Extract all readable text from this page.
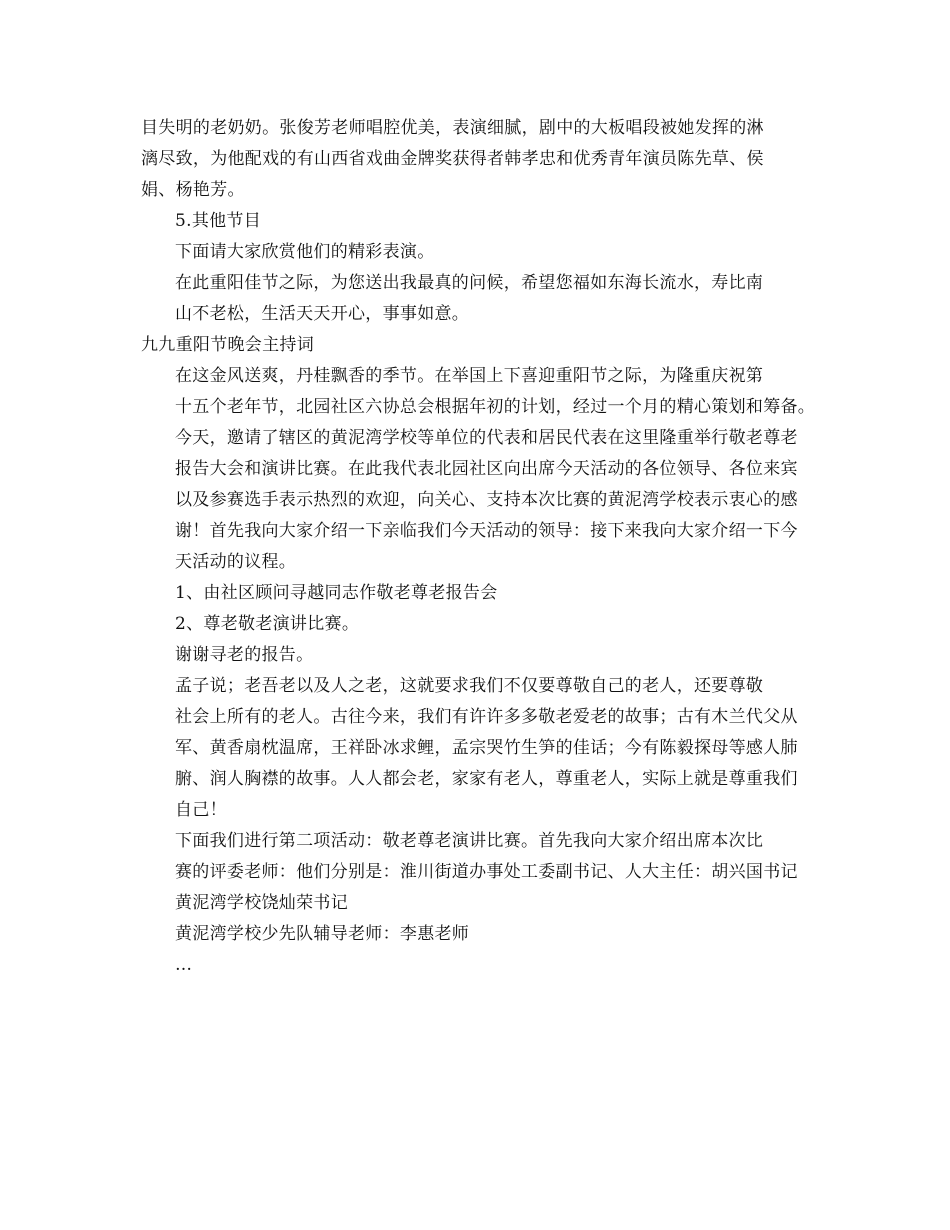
目失明的老奶奶。张俊芳老师唱腔优美，表演细腻，剧中的大板唱段被她发挥的淋
漓尽致，为他配戏的有山西省戏曲金牌奖获得者韩孝忠和优秀青年演员陈先草、侯
娟、杨艳芳。
5.其他节目
下面请大家欣赏他们的精彩表演。
在此重阳佳节之际，为您送出我最真的问候，希望您福如东海长流水，寿比南
山不老松，生活天天开心，事事如意。
九九重阳节晚会主持词
在这金风送爽，丹桂飘香的季节。在举国上下喜迎重阳节之际，为隆重庆祝第
十五个老年节，北园社区六协总会根据年初的计划，经过一个月的精心策划和筹备。
今天，邀请了辖区的黄泥湾学校等单位的代表和居民代表在这里隆重举行敬老尊老
报告大会和演讲比赛。在此我代表北园社区向出席今天活动的各位领导、各位来宾
以及参赛选手表示热烈的欢迎，向关心、支持本次比赛的黄泥湾学校表示衷心的感
谢！首先我向大家介绍一下亲临我们今天活动的领导：接下来我向大家介绍一下今
天活动的议程。
1、由社区顾问寻越同志作敬老尊老报告会
2、尊老敬老演讲比赛。
谢谢寻老的报告。
孟子说；老吾老以及人之老，这就要求我们不仅要尊敬自己的老人，还要尊敬
社会上所有的老人。古往今来，我们有许许多多敬老爱老的故事；古有木兰代父从
军、黄香扇枕温席，王祥卧冰求鲤，孟宗哭竹生笋的佳话；今有陈毅探母等感人肺
腑、润人胸襟的故事。人人都会老，家家有老人，尊重老人，实际上就是尊重我们
自己！
下面我们进行第二项活动：敬老尊老演讲比赛。首先我向大家介绍出席本次比
赛的评委老师：他们分别是：淮川街道办事处工委副书记、人大主任：胡兴国书记
黄泥湾学校饶灿荣书记
黄泥湾学校少先队辅导老师：李惠老师
…
